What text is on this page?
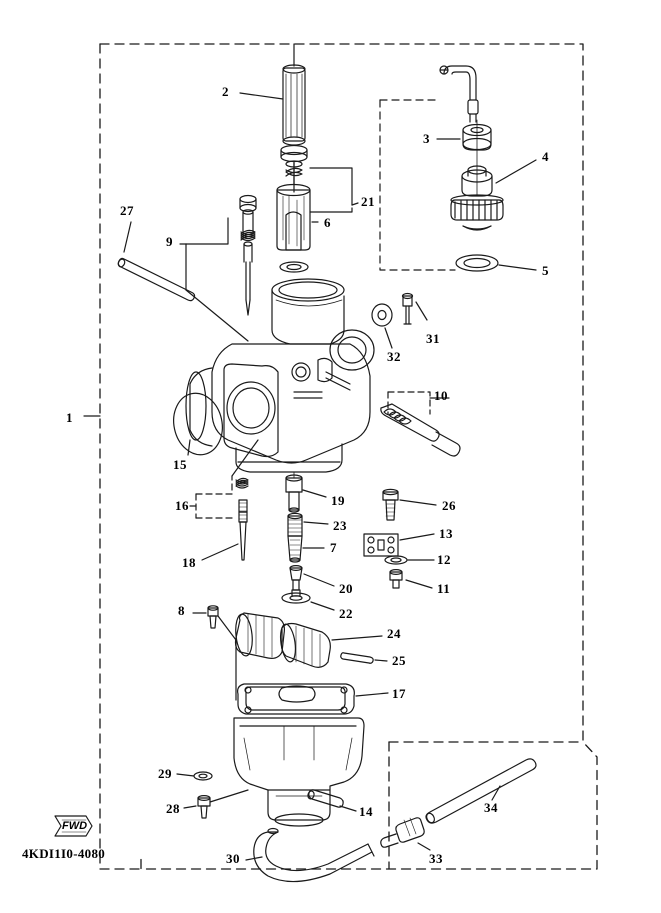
1
2
3
4
5
6
7
8
9
10
11
12
13
14
15
16
17
18
19
20
21
22
23
24
25
26
27
28
29
30
31
32
33
34
FWD
4KDI1I0-4080
